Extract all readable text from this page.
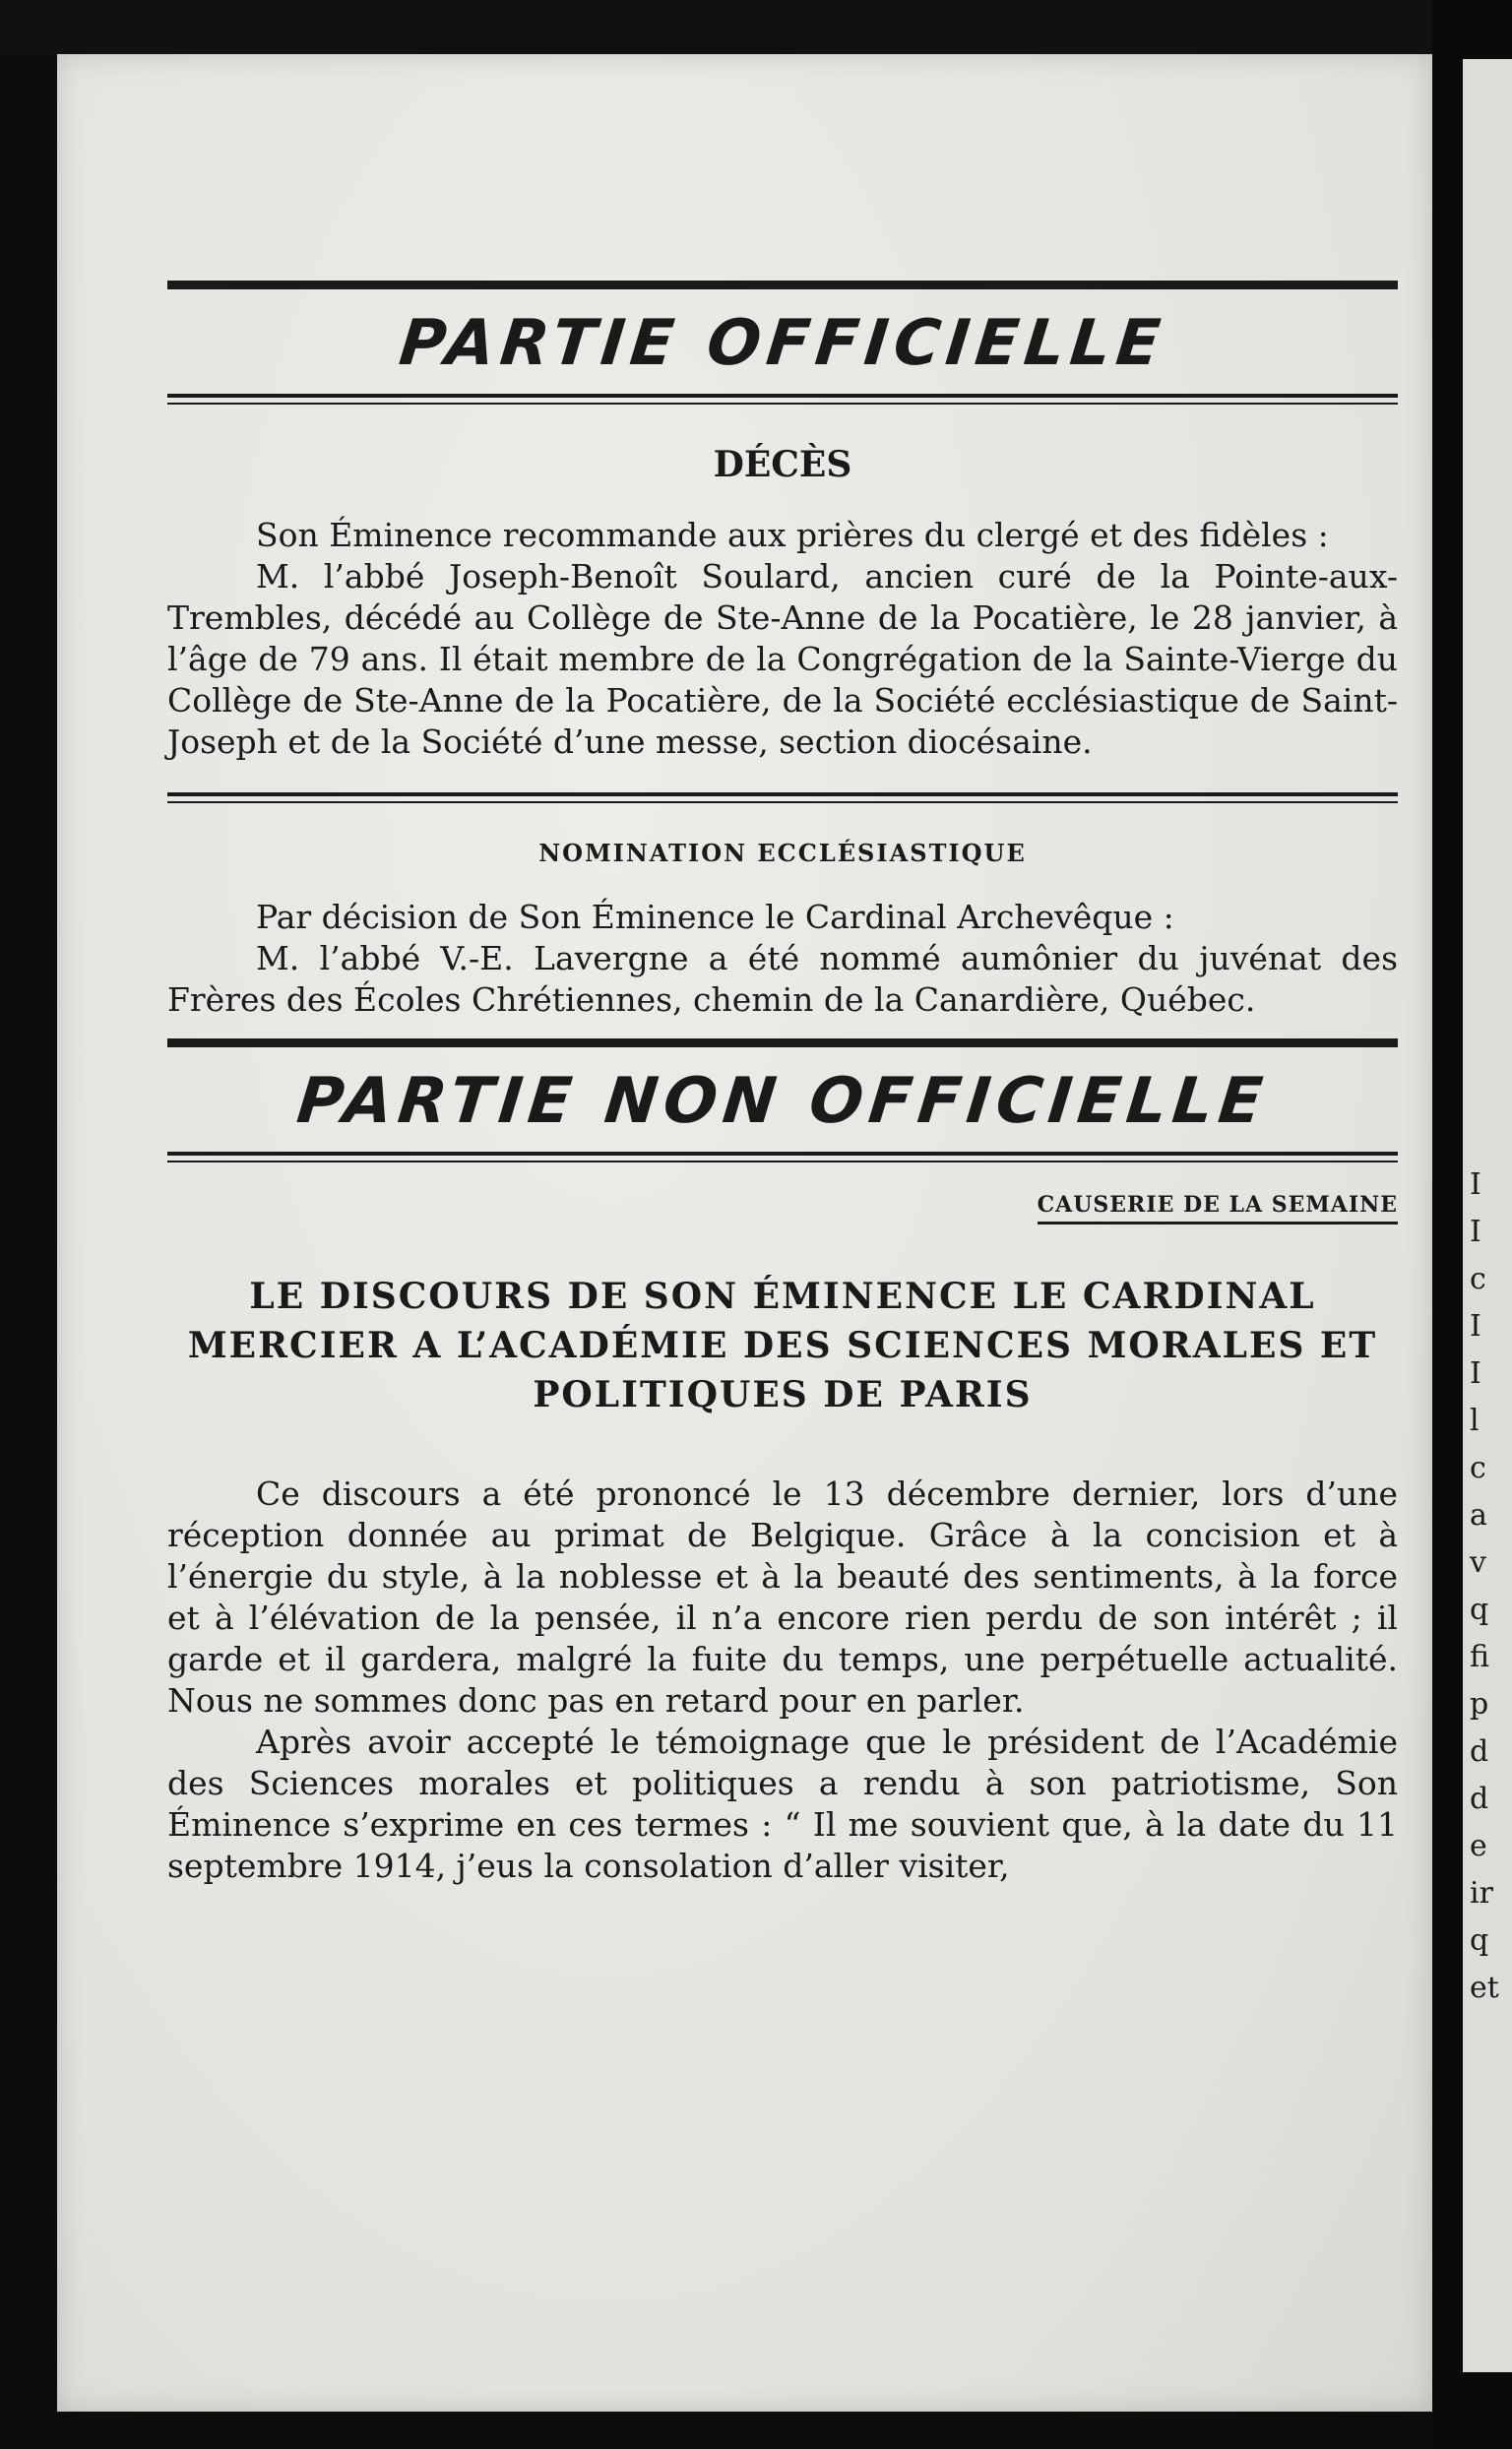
I
I
c
I
I
l
c
a
v
q
fi
p
d
d
e
ir
q
et
PARTIE OFFICIELLE
DÉCÈS

Son Éminence recommande aux prières du clergé et des fidèles :

M. l’abbé Joseph-Benoît Soulard, ancien curé de la Pointe-aux-Trembles, décédé au Collège de Ste-Anne de la Pocatière, le 28 janvier, à l’âge de 79 ans. Il était membre de la Congrégation de la Sainte-Vierge du Collège de Ste-Anne de la Pocatière, de la Société ecclésiastique de Saint-Joseph et de la Société d’une messe, section diocésaine.

NOMINATION ECCLÉSIASTIQUE

Par décision de Son Éminence le Cardinal Archevêque :

M. l’abbé V.-E. Lavergne a été nommé aumônier du juvénat des Frères des Écoles Chrétiennes, chemin de la Canardière, Québec.

PARTIE NON OFFICIELLE
CAUSERIE DE LA SEMAINE
LE DISCOURS DE SON ÉMINENCE LE CARDINAL MERCIER A L’ACADÉMIE DES SCIENCES MORALES ET POLITIQUES DE PARIS

Ce discours a été prononcé le 13 décembre dernier, lors d’une réception donnée au primat de Belgique. Grâce à la concision et à l’énergie du style, à la noblesse et à la beauté des sentiments, à la force et à l’élévation de la pensée, il n’a encore rien perdu de son intérêt ; il garde et il gardera, malgré la fuite du temps, une perpétuelle actualité. Nous ne sommes donc pas en retard pour en parler.

Après avoir accepté le témoignage que le président de l’Académie des Sciences morales et politiques a rendu à son patriotisme, Son Éminence s’exprime en ces termes : “ Il me souvient que, à la date du 11 septembre 1914, j’eus la consolation d’aller visiter,
